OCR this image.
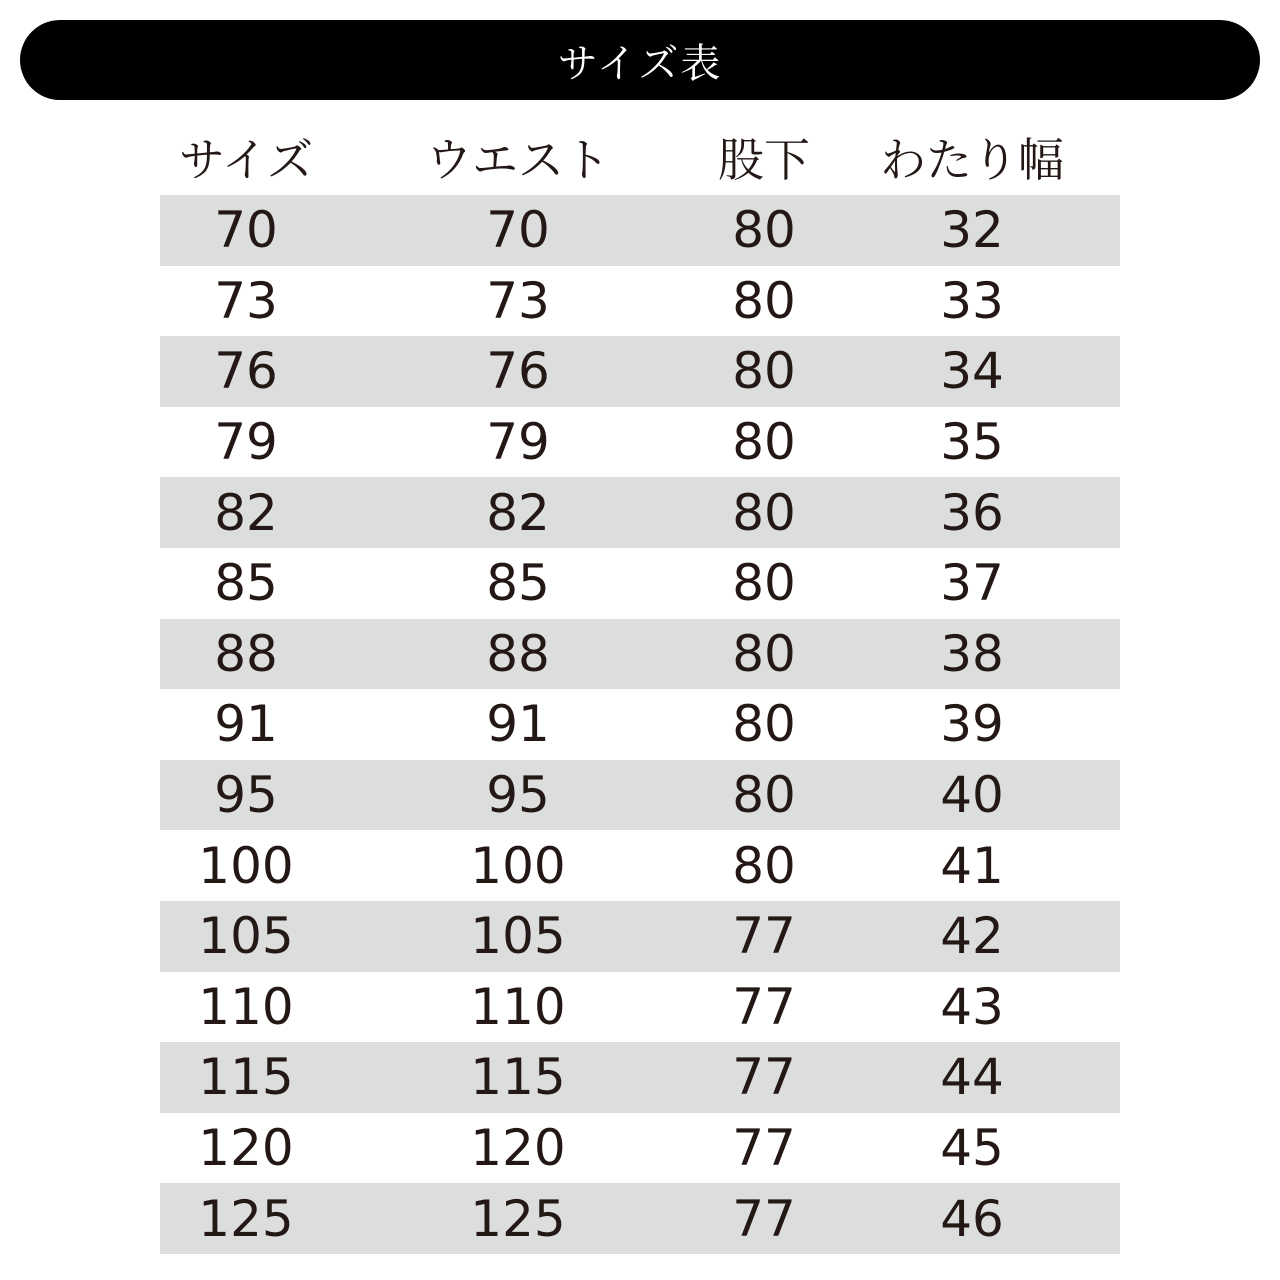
サイズ表
サイズ	ウエスト	股下	わたり幅
70	70	80	32
73	73	80	33
76	76	80	34
79	79	80	35
82	82	80	36
85	85	80	37
88	88	80	38
91	91	80	39
95	95	80	40
100	100	80	41
105	105	77	42
110	110	77	43
115	115	77	44
120	120	77	45
125	125	77	46
